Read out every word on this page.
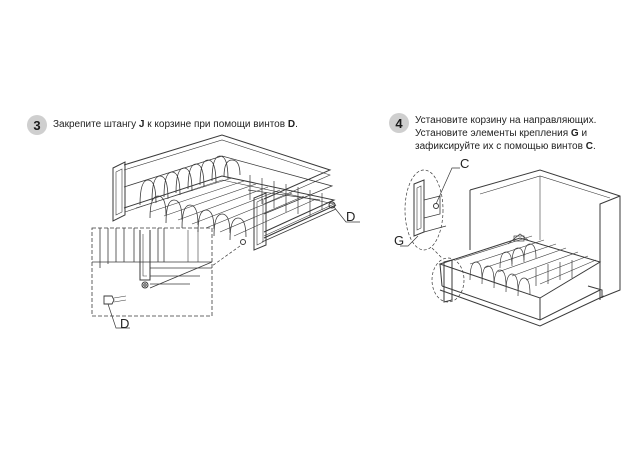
3	Закрепите штангу J к корзине при помощи винтов D.	4	Установите корзину на направляющих.
Установите элементы крепления G и
зафиксируйте их с помощью винтов C.
D
D
C
G
